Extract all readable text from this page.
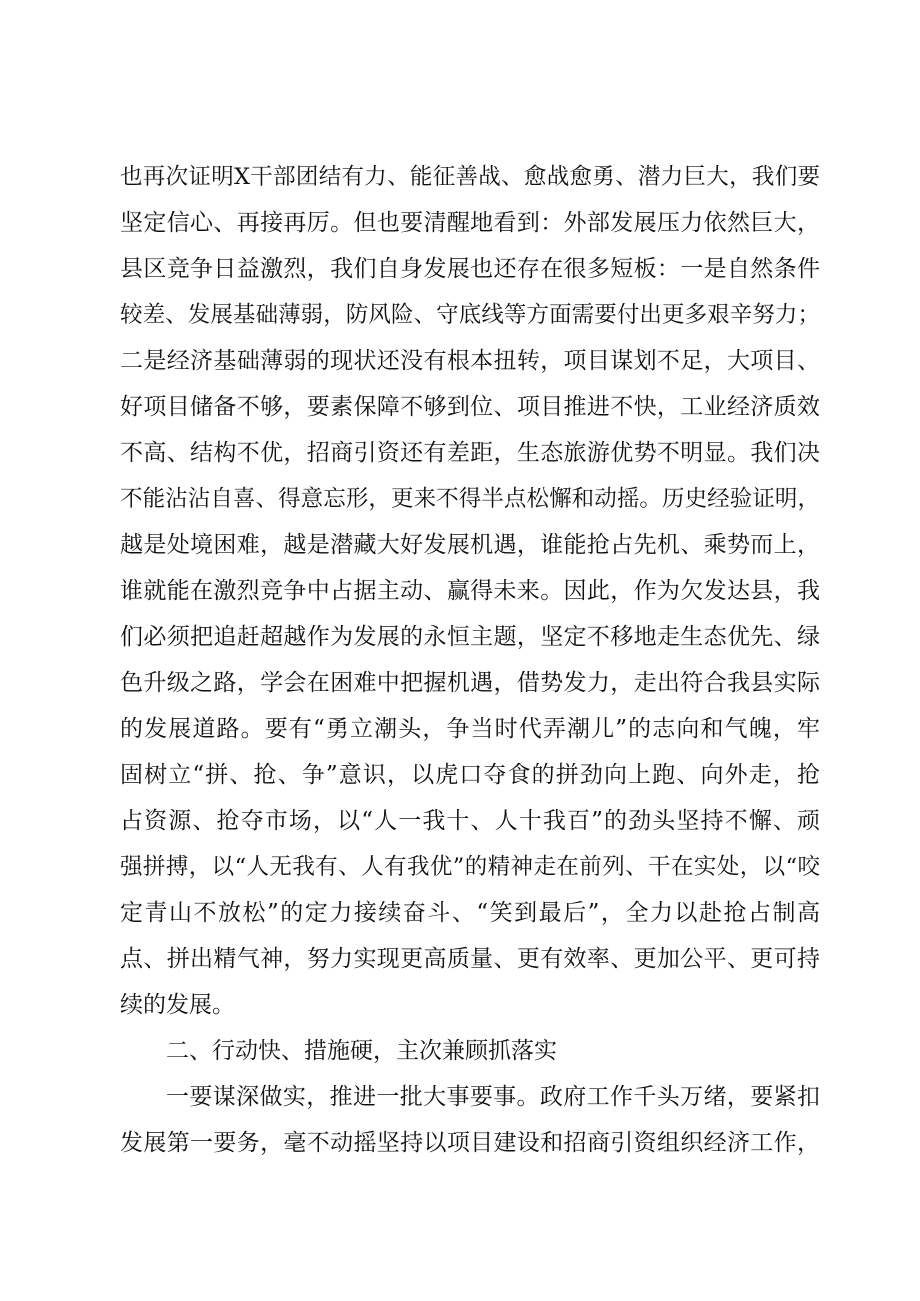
也再次证明X干部团结有力、能征善战、愈战愈勇、潜力巨大，我们要
坚定信心、再接再厉。但也要清醒地看到：外部发展压力依然巨大，
县区竞争日益激烈，我们自身发展也还存在很多短板：一是自然条件
较差、发展基础薄弱，防风险、守底线等方面需要付出更多艰辛努力；
二是经济基础薄弱的现状还没有根本扭转，项目谋划不足，大项目、
好项目储备不够，要素保障不够到位、项目推进不快，工业经济质效
不高、结构不优，招商引资还有差距，生态旅游优势不明显。我们决
不能沾沾自喜、得意忘形，更来不得半点松懈和动摇。历史经验证明，
越是处境困难，越是潜藏大好发展机遇，谁能抢占先机、乘势而上，
谁就能在激烈竞争中占据主动、赢得未来。因此，作为欠发达县，我
们必须把追赶超越作为发展的永恒主题，坚定不移地走生态优先、绿
色升级之路，学会在困难中把握机遇，借势发力，走出符合我县实际
的发展道路。要有“勇立潮头，争当时代弄潮儿”的志向和气魄，牢
固树立“拼、抢、争”意识，以虎口夺食的拼劲向上跑、向外走，抢
占资源、抢夺市场，以“人一我十、人十我百”的劲头坚持不懈、顽
强拼搏，以“人无我有、人有我优”的精神走在前列、干在实处，以“咬
定青山不放松”的定力接续奋斗、“笑到最后”，全力以赴抢占制高
点、拼出精气神，努力实现更高质量、更有效率、更加公平、更可持
续的发展。
二、行动快、措施硬，主次兼顾抓落实
一要谋深做实，推进一批大事要事。政府工作千头万绪，要紧扣
发展第一要务，毫不动摇坚持以项目建设和招商引资组织经济工作，
